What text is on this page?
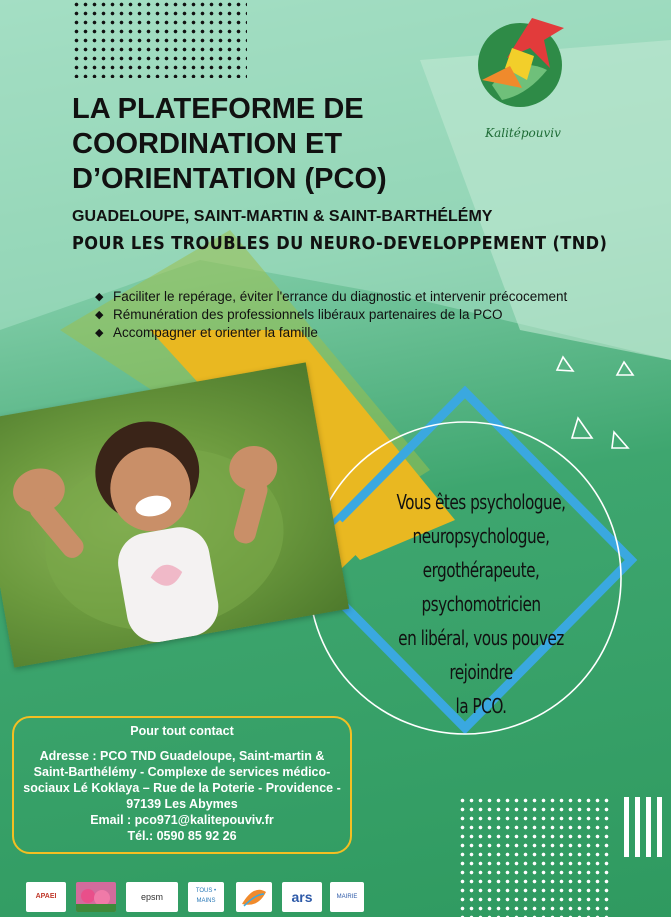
Kalitépouviv
LA PLATEFORME DE COORDINATION ET D’ORIENTATION (PCO)
GUADELOUPE, SAINT-MARTIN & SAINT-BARTHÉLÉMY
POUR LES TROUBLES DU NEURO-DEVELOPPEMENT (TND)
◆ Faciliter le repérage, éviter l'errance du diagnostic et intervenir précocement
◆ Rémunération des professionnels libéraux partenaires de la PCO
◆ Accompagner et orienter la famille
Vous êtes psychologue,
neuropsychologue,
ergothérapeute, psychomotricien
en libéral, vous pouvez rejoindre
la PCO.
Pour tout contact
Adresse : PCO TND Guadeloupe, Saint-martin & Saint-Barthélémy - Complexe de services médico-sociaux Lé Koklaya – Rue de la Poterie - Providence - 97139 Les Abymes
Email : pco971@kalitepouviv.fr
Tél.: 0590 85 92 26
APAEI	epsm
TOUS • MAINS	ars	MAIRIE
